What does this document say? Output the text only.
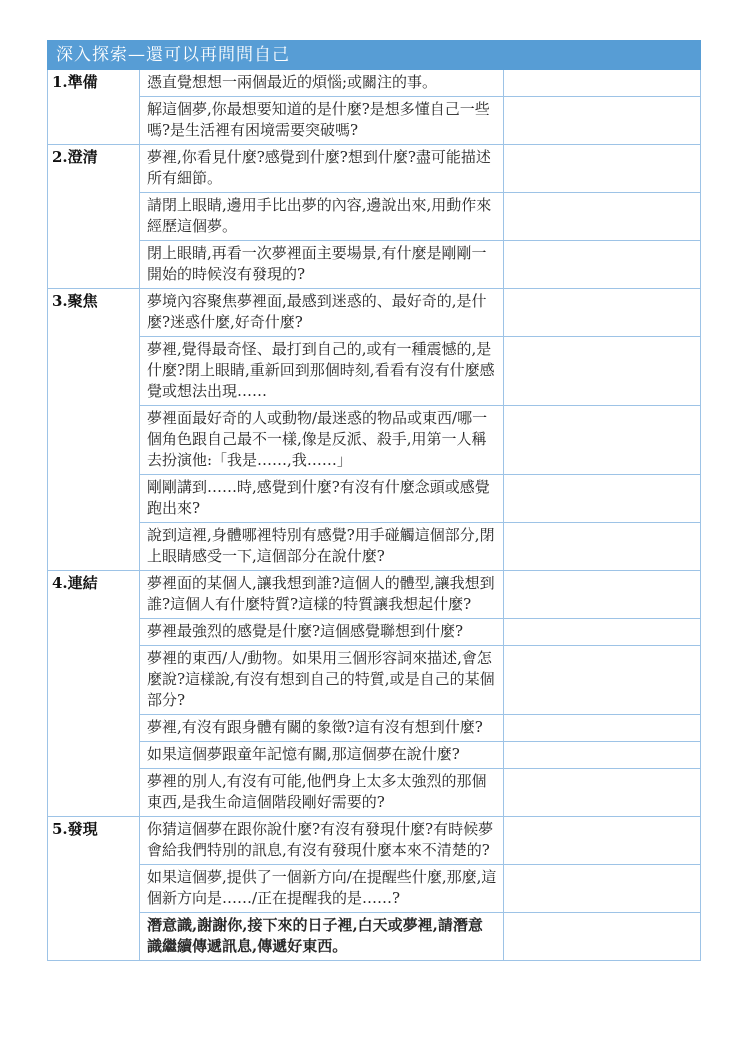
深入探索—還可以再問問自己		
1.準備	憑直覺想想一兩個最近的煩惱;或關注的事。	
	解這個夢,你最想要知道的是什麼?是想多懂自己一些嗎?是生活裡有困境需要突破嗎?	
2.澄清	夢裡,你看見什麼?感覺到什麼?想到什麼?盡可能描述所有細節。	
	請閉上眼睛,邊用手比出夢的內容,邊說出來,用動作來經歷這個夢。	
	閉上眼睛,再看一次夢裡面主要場景,有什麼是剛剛一開始的時候沒有發現的?	
3.聚焦	夢境內容聚焦夢裡面,最感到迷惑的、最好奇的,是什麼?迷惑什麼,好奇什麼?	
	夢裡,覺得最奇怪、最打到自己的,或有一種震憾的,是什麼?閉上眼睛,重新回到那個時刻,看看有沒有什麼感覺或想法出現……	
	夢裡面最好奇的人或動物/最迷惑的物品或東西/哪一個角色跟自己最不一樣,像是反派、殺手,用第一人稱去扮演他:「我是……,我……」	
	剛剛講到……時,感覺到什麼?有沒有什麼念頭或感覺跑出來?	
	說到這裡,身體哪裡特別有感覺?用手碰觸這個部分,閉上眼睛感受一下,這個部分在說什麼?	
4.連結	夢裡面的某個人,讓我想到誰?這個人的體型,讓我想到誰?這個人有什麼特質?這樣的特質讓我想起什麼?	
	夢裡最強烈的感覺是什麼?這個感覺聯想到什麼?	
	夢裡的東西/人/動物。如果用三個形容詞來描述,會怎麼說?這樣說,有沒有想到自己的特質,或是自己的某個部分?	
	夢裡,有沒有跟身體有關的象徵?這有沒有想到什麼?	
	如果這個夢跟童年記憶有關,那這個夢在說什麼?	
	夢裡的別人,有沒有可能,他們身上太多太強烈的那個東西,是我生命這個階段剛好需要的?	
5.發現	你猜這個夢在跟你說什麼?有沒有發現什麼?有時候夢會給我們特別的訊息,有沒有發現什麼本來不清楚的?	
	如果這個夢,提供了一個新方向/在提醒些什麼,那麼,這個新方向是……/正在提醒我的是……?	
	潛意識,謝謝你,接下來的日子裡,白天或夢裡,請潛意識繼續傳遞訊息,傳遞好東西。	
